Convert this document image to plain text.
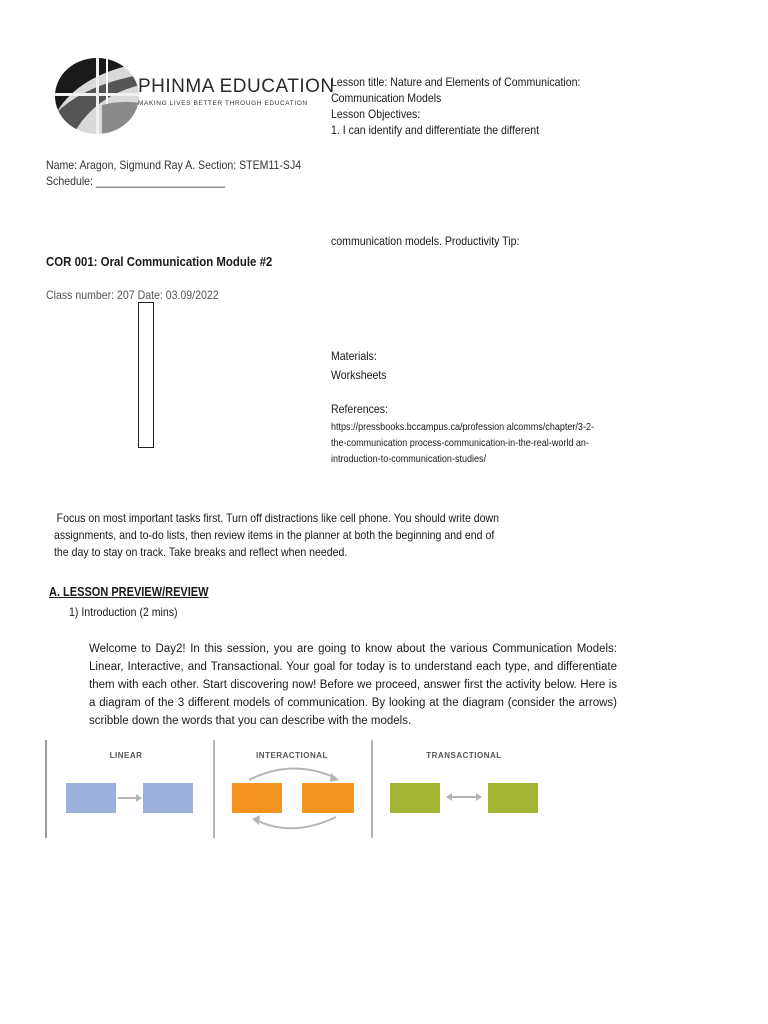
PHINMA EDUCATION
MAKING LIVES BETTER THROUGH EDUCATION
Lesson title: Nature and Elements of Communication:
Communication Models
Lesson Objectives:
1. I can identify and differentiate the different
Name: Aragon, Sigmund Ray A. Section: STEM11-SJ4
Schedule: ______________________
communication models. Productivity Tip:
COR 001: Oral Communication Module #2
Class number: 207 Date: 03.09/2022
Materials:
Worksheets
References:
https://pressbooks.bccampus.ca/profession alcomms/chapter/3-2-
the-communication process-communication-in-the-real-world an-
introduction-to-communication-studies/
Focus on most important tasks first. Turn off distractions like cell phone. You should write down
assignments, and to-do lists, then review items in the planner at both the beginning and end of
the day to stay on track. Take breaks and reflect when needed.
A. LESSON PREVIEW/REVIEW
1) Introduction (2 mins)
Welcome to Day2! In this session, you are going to know about the various Communication Models: Linear, Interactive, and Transactional. Your goal for today is to understand each type, and differentiate them with each other. Start discovering now! Before we proceed, answer first the activity below. Here is a diagram of the 3 different models of communication. By looking at the diagram (consider the arrows) scribble down the words that you can describe with the models.
LINEAR	INTERACTIONAL	TRANSACTIONAL
